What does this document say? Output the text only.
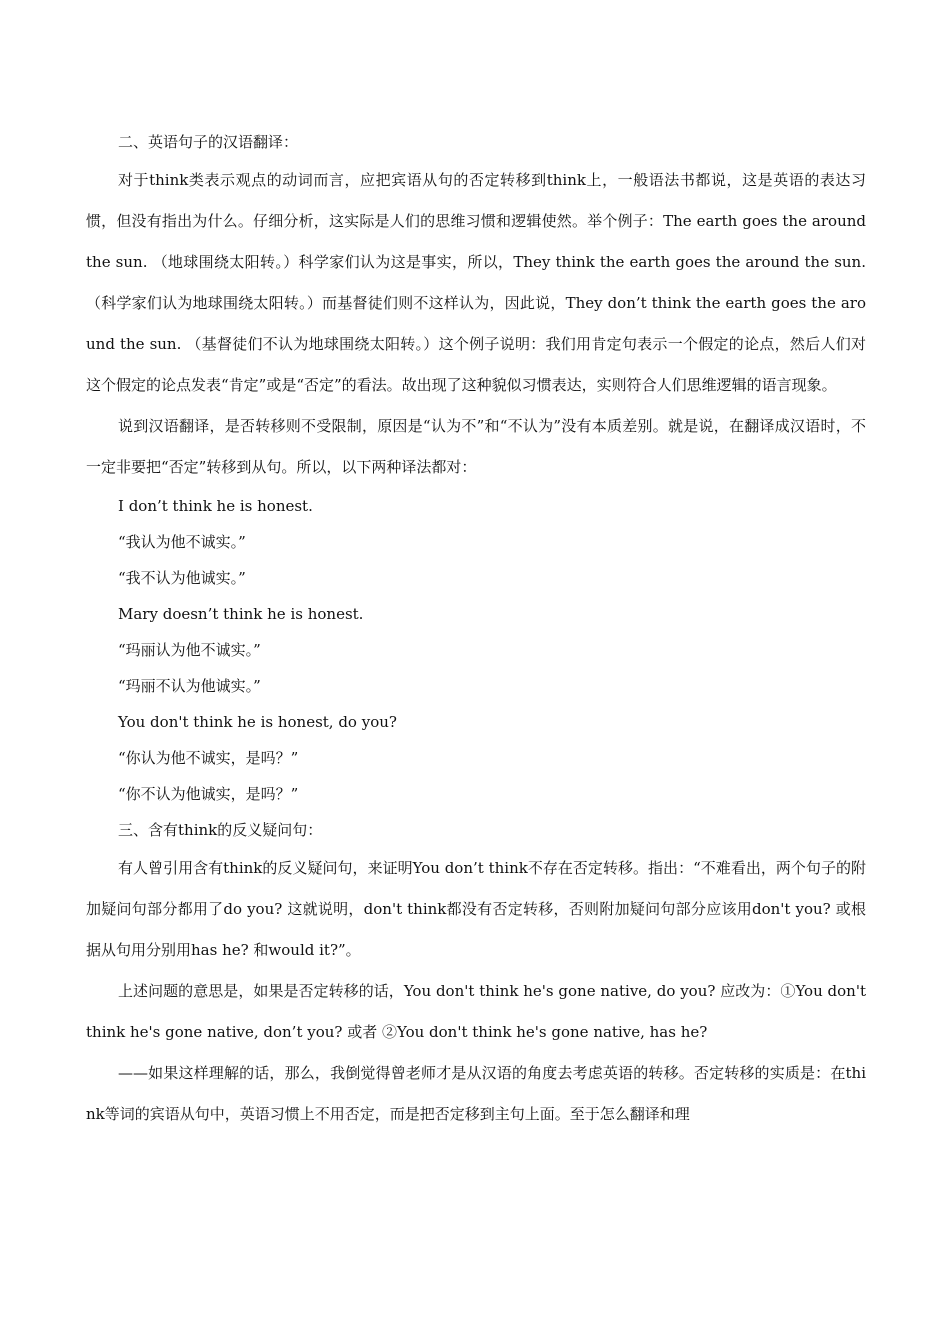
二、英语句子的汉语翻译：

对于think类表示观点的动词而言，应把宾语从句的否定转移到think上，一般语法书都说，这是英语的表达习惯，但没有指出为什么。仔细分析，这实际是人们的思维习惯和逻辑使然。举个例子：The earth goes the around the sun. （地球围绕太阳转。）科学家们认为这是事实，所以，They think the earth goes the around the sun.（科学家们认为地球围绕太阳转。）而基督徒们则不这样认为，因此说，They don’t think the earth goes the around the sun. （基督徒们不认为地球围绕太阳转。）这个例子说明：我们用肯定句表示一个假定的论点，然后人们对这个假定的论点发表“肯定”或是“否定”的看法。故出现了这种貌似习惯表达，实则符合人们思维逻辑的语言现象。

说到汉语翻译，是否转移则不受限制，原因是“认为不”和“不认为”没有本质差别。就是说，在翻译成汉语时，不一定非要把“否定”转移到从句。所以，以下两种译法都对：

I don’t think he is honest.

“我认为他不诚实。”

“我不认为他诚实。”

Mary doesn’t think he is honest.

“玛丽认为他不诚实。”

“玛丽不认为他诚实。”

You don't think he is honest, do you?

“你认为他不诚实，是吗？”

“你不认为他诚实，是吗？”

三、含有think的反义疑问句：

有人曾引用含有think的反义疑问句，来证明You don’t think不存在否定转移。指出：“不难看出，两个句子的附加疑问句部分都用了do you? 这就说明，don't think都没有否定转移，否则附加疑问句部分应该用don't you? 或根据从句用分别用has he? 和would it?”。

上述问题的意思是，如果是否定转移的话，You don't think he's gone native, do you? 应改为：①You don't think he's gone native, don’t you? 或者 ②You don't think he's gone native, has he?

——如果这样理解的话，那么，我倒觉得曾老师才是从汉语的角度去考虑英语的转移。否定转移的实质是：在think等词的宾语从句中，英语习惯上不用否定，而是把否定移到主句上面。至于怎么翻译和理
